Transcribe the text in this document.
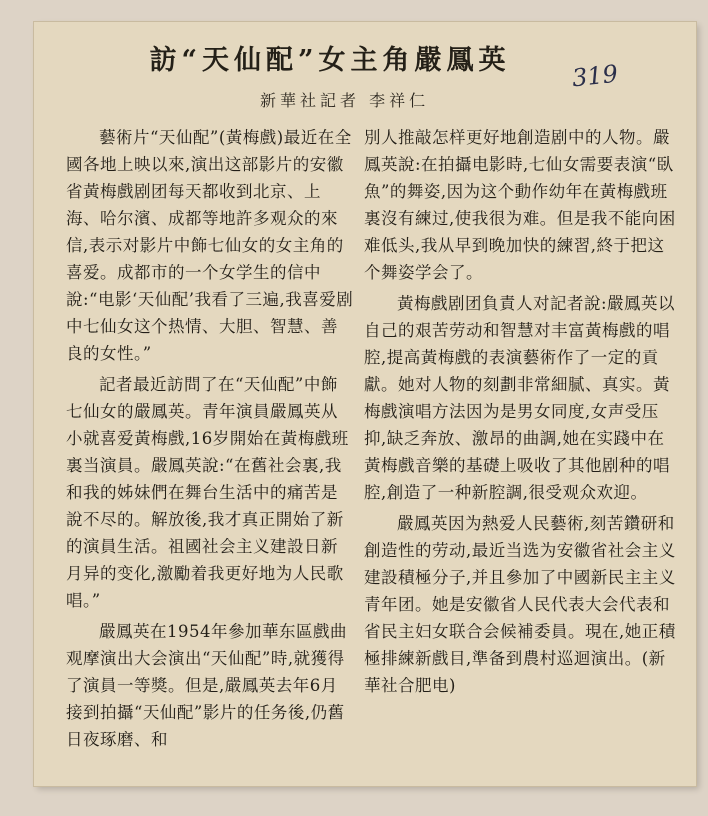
訪“天仙配”女主角嚴鳳英	319
新華社記者 李祥仁

藝術片“天仙配”(黃梅戲)最近在全國各地上映以來,演出这部影片的安徽省黃梅戲剧团每天都收到北京、上海、哈尔濱、成都等地許多观众的來信,表示对影片中飾七仙女的女主角的喜爱。成都市的一个女学生的信中說:“电影‘天仙配’我看了三遍,我喜爱剧中七仙女这个热情、大胆、智慧、善良的女性。”

記者最近訪問了在“天仙配”中飾七仙女的嚴鳳英。青年演員嚴鳳英从小就喜爱黃梅戲,16岁開始在黃梅戲班裏当演員。嚴鳳英說:“在舊社会裏,我和我的姊妹們在舞台生活中的痛苦是說不尽的。解放後,我才真正開始了新的演員生活。祖國社会主义建設日新月异的变化,激勵着我更好地为人民歌唱。”

嚴鳳英在1954年參加華东區戲曲观摩演出大会演出“天仙配”時,就獲得了演員一等獎。但是,嚴鳳英去年6月接到拍攝“天仙配”影片的任务後,仍舊日夜琢磨、和

別人推敲怎样更好地創造剧中的人物。嚴鳳英說:在拍攝电影時,七仙女需要表演“臥魚”的舞姿,因为这个動作幼年在黃梅戲班裏沒有練过,使我很为难。但是我不能向困难低头,我从早到晚加快的練習,終于把这个舞姿学会了。

黃梅戲剧团負責人对記者說:嚴鳳英以自己的艰苦劳动和智慧对丰富黃梅戲的唱腔,提高黃梅戲的表演藝術作了一定的貢獻。她对人物的刻劃非常細腻、真实。黃梅戲演唱方法因为是男女同度,女声受压抑,缺乏奔放、激昂的曲調,她在实踐中在黃梅戲音樂的基礎上吸收了其他剧种的唱腔,創造了一种新腔調,很受观众欢迎。

嚴鳳英因为熱爱人民藝術,刻苦鑽研和創造性的劳动,最近当选为安徽省社会主义建設積極分子,并且參加了中國新民主主义青年团。她是安徽省人民代表大会代表和省民主妇女联合会候補委員。現在,她正積極排練新戲目,準备到農村巡迴演出。(新華社合肥电)
